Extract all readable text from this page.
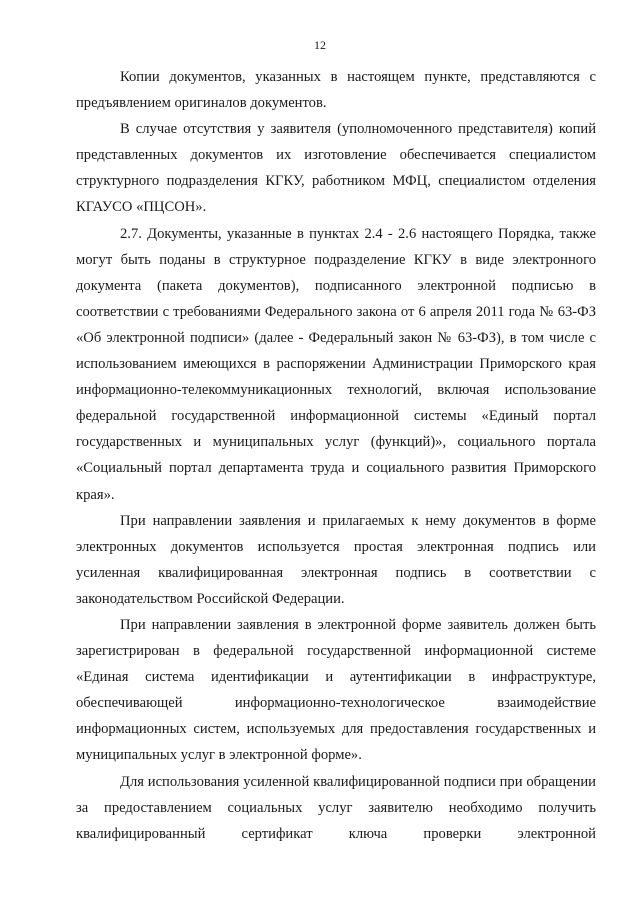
12

Копии документов, указанных в настоящем пункте, представляются с предъявлением оригиналов документов.

В случае отсутствия у заявителя (уполномоченного представителя) копий представленных документов их изготовление обеспечивается специалистом структурного подразделения КГКУ, работником МФЦ, специалистом отделения КГАУСО «ПЦСОН».

2.7. Документы, указанные в пунктах 2.4 - 2.6 настоящего Порядка, также могут быть поданы в структурное подразделение КГКУ в виде электронного документа (пакета документов), подписанного электронной подписью в соответствии с требованиями Федерального закона от 6 апреля 2011 года № 63-ФЗ «Об электронной подписи» (далее - Федеральный закон № 63-ФЗ), в том числе с использованием имеющихся в распоряжении Администрации Приморского края информационно-телекоммуникационных технологий, включая использование федеральной государственной информационной системы «Единый портал государственных и муниципальных услуг (функций)», социального портала «Социальный портал департамента труда и социального развития Приморского края».

При направлении заявления и прилагаемых к нему документов в форме электронных документов используется простая электронная подпись или усиленная квалифицированная электронная подпись в соответствии с законодательством Российской Федерации.

При направлении заявления в электронной форме заявитель должен быть зарегистрирован в федеральной государственной информационной системе «Единая система идентификации и аутентификации в инфраструктуре, обеспечивающей информационно-технологическое взаимодействие информационных систем, используемых для предоставления государственных и муниципальных услуг в электронной форме».

Для использования усиленной квалифицированной подписи при обращении за предоставлением социальных услуг заявителю необходимо получить квалифицированный сертификат ключа проверки электронной
